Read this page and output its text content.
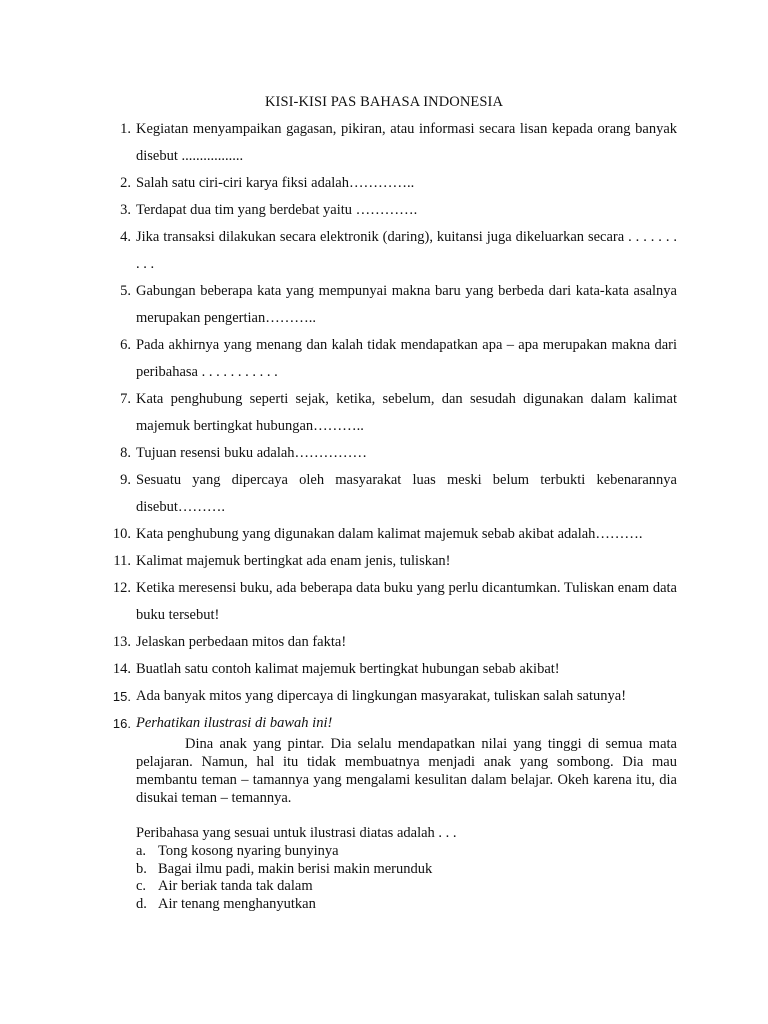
KISI-KISI PAS BAHASA INDONESIA
1. Kegiatan menyampaikan gagasan, pikiran, atau informasi secara lisan kepada orang banyak disebut .................
2. Salah satu ciri-ciri karya fiksi adalah…………..
3. Terdapat dua tim yang berdebat yaitu ………….
4. Jika transaksi dilakukan secara elektronik (daring), kuitansi juga dikeluarkan secara . . . . . . . . . .
5. Gabungan beberapa kata yang mempunyai makna baru yang berbeda dari kata-kata asalnya merupakan pengertian………..
6. Pada akhirnya yang menang dan kalah tidak mendapatkan apa – apa merupakan makna dari peribahasa . . . . . . . . . . .
7. Kata penghubung seperti sejak, ketika, sebelum, dan sesudah digunakan dalam kalimat majemuk bertingkat hubungan………..
8. Tujuan resensi buku adalah……………
9. Sesuatu yang dipercaya oleh masyarakat luas meski belum terbukti kebenarannya disebut……….
10. Kata penghubung yang digunakan dalam kalimat majemuk sebab akibat adalah……….
11. Kalimat majemuk bertingkat ada enam jenis, tuliskan!
12. Ketika meresensi buku, ada beberapa data buku yang perlu dicantumkan. Tuliskan enam data buku tersebut!
13. Jelaskan perbedaan mitos dan fakta!
14. Buatlah satu contoh kalimat majemuk bertingkat hubungan sebab akibat!
15. Ada banyak mitos yang dipercaya di lingkungan masyarakat, tuliskan salah satunya!
16. Perhatikan ilustrasi di bawah ini!
Dina anak yang pintar. Dia selalu mendapatkan nilai yang tinggi di semua mata pelajaran. Namun, hal itu tidak membuatnya menjadi anak yang sombong. Dia mau membantu teman – tamannya yang mengalami kesulitan dalam belajar. Okeh karena itu, dia disukai teman – temannya.
Peribahasa yang sesuai untuk ilustrasi diatas adalah . . .
a. Tong kosong nyaring bunyinya
b. Bagai ilmu padi, makin berisi makin merunduk
c. Air beriak tanda tak dalam
d. Air tenang menghanyutkan
